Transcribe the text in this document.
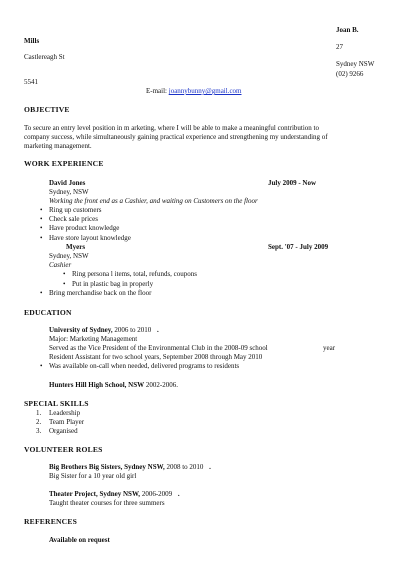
Joan B.
Mills
27
Castlereagh St
Sydney NSW
(02) 9266
5541
E-mail: joannybunny@gmail.com
OBJECTIVE
To secure an entry level position in m arketing, where I will be able to make a meaningful contribution to
company success, while simultaneously gaining practical experience and strengthening my understanding of
marketing management.
WORK EXPERIENCE
David Jones	July 2009 - Now
Sydney, NSW
Working the front end as a Cashier, and waiting on Customers on the floor
• Ring up customers
• Check sale prices
• Have product knowledge
• Have store layout knowledge
Myers	Sept. '07 - July 2009
Sydney, NSW
Cashier
• Ring persona l items, total, refunds, coupons
• Put in plastic bag in properly
• Bring merchandise back on the floor
EDUCATION
University of Sydney, 2006 to 2010 .
Major: Marketing Management
Served as the Vice President of the Environmental Club in the 2008-09 school	year
Resident Assistant for two school years, September 2008 through May 2010
• Was available on-call when needed, delivered programs to residents
Hunters Hill High School, NSW 2002-2006.
SPECIAL SKILLS
1. Leadership
2. Team Player
3. Organised
VOLUNTEER ROLES
Big Brothers Big Sisters, Sydney NSW, 2008 to 2010 .
Big Sister for a 10 year old girl
Theater Project, Sydney NSW, 2006-2009 .
Taught theater courses for three summers
REFERENCES
Available on request
